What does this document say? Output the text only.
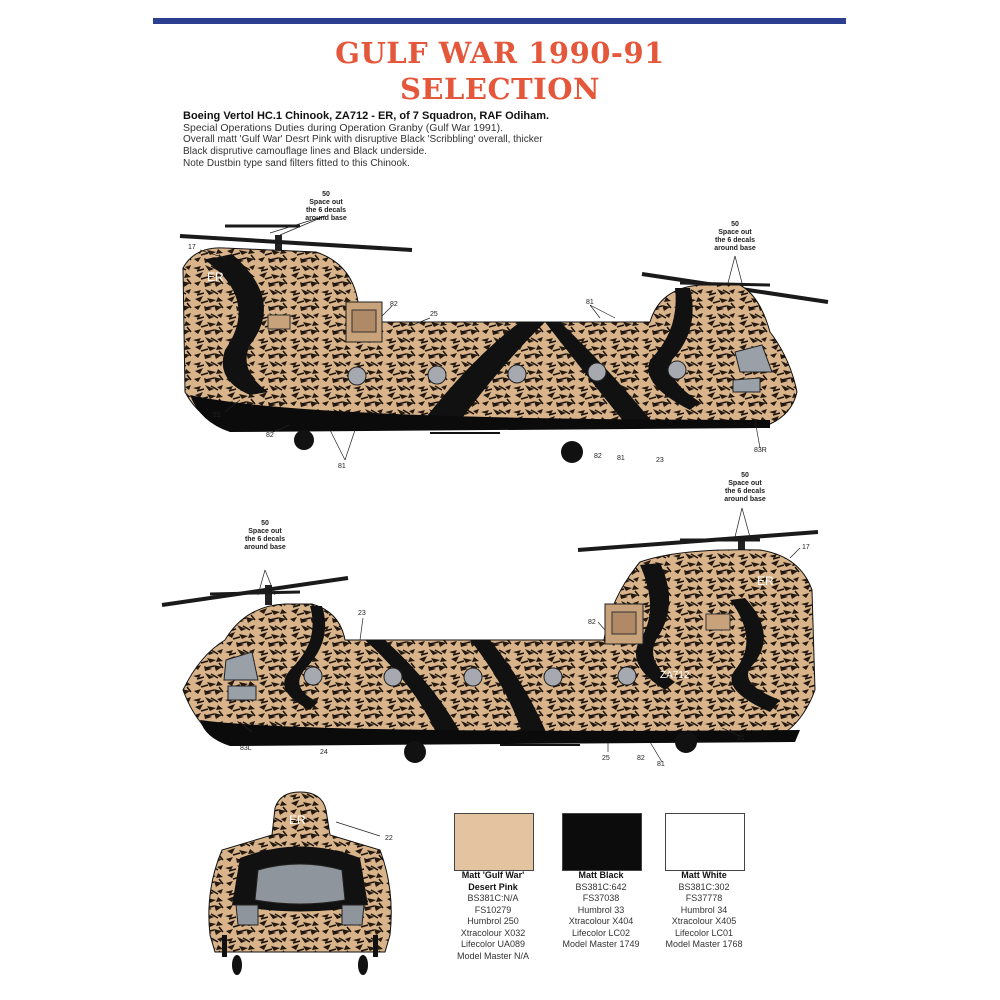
GULF WAR 1990-91
SELECTION
Boeing Vertol HC.1 Chinook, ZA712 - ER, of 7 Squadron, RAF Odiham.
Special Operations Duties during Operation Granby (Gulf War 1991).
Overall matt 'Gulf War' Desrt Pink with disruptive Black 'Scribbling' overall, thicker
Black disprutive camouflage lines and Black underside.
Note Dustbin type sand filters fitted to this Chinook.
ER
ER
ZA712
ER
50
Space out
the 6 decals
around base
50
Space out
the 6 decals
around base
17
21
82
81
82
25
81
82 81	23
83R
50
Space out
the 6 decals
around base
50
Space out
the 6 decals
around base
17
23
82
21
83L
24
25	82
81
22
Matt 'Gulf War'
Desert Pink
BS381C:N/A
FS10279
Humbrol 250
Xtracolour X032
Lifecolor UA089
Model Master N/A
Matt Black
BS381C:642
FS37038
Humbrol 33
Xtracolour X404
Lifecolor LC02
Model Master 1749
Matt White
BS381C:302
FS37778
Humbrol 34
Xtracolour X405
Lifecolor LC01
Model Master 1768
